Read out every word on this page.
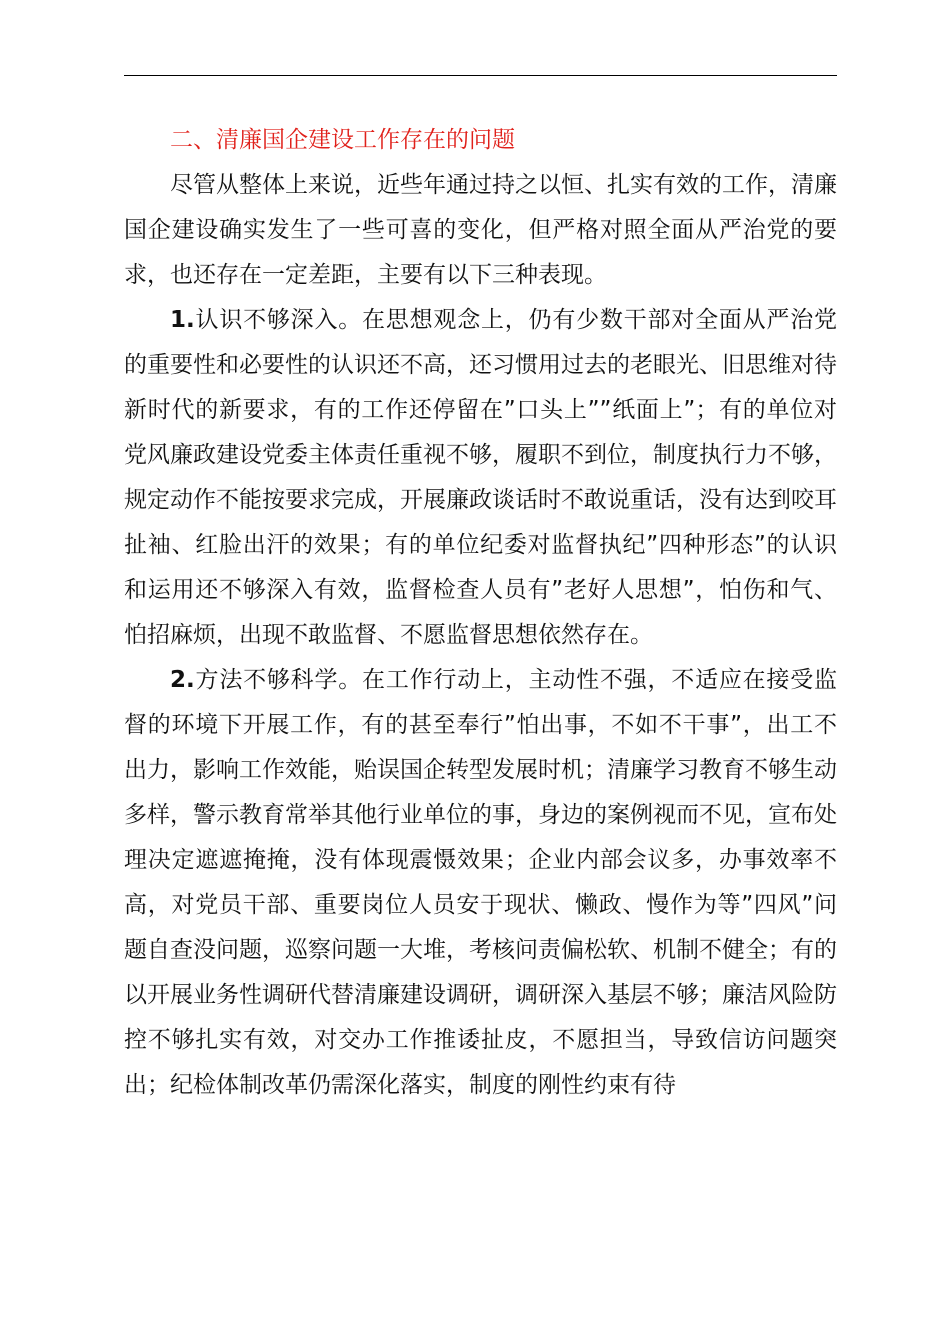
二、清廉国企建设工作存在的问题

尽管从整体上来说，近些年通过持之以恒、扎实有效的工作，清廉国企建设确实发生了一些可喜的变化，但严格对照全面从严治党的要求，也还存在一定差距，主要有以下三种表现。

1.认识不够深入。在思想观念上，仍有少数干部对全面从严治党的重要性和必要性的认识还不高，还习惯用过去的老眼光、旧思维对待新时代的新要求，有的工作还停留在”口头上””纸面上”；有的单位对党风廉政建设党委主体责任重视不够，履职不到位，制度执行力不够，规定动作不能按要求完成，开展廉政谈话时不敢说重话，没有达到咬耳扯袖、红脸出汗的效果；有的单位纪委对监督执纪”四种形态”的认识和运用还不够深入有效，监督检查人员有”老好人思想”，怕伤和气、怕招麻烦，出现不敢监督、不愿监督思想依然存在。

2.方法不够科学。在工作行动上，主动性不强，不适应在接受监督的环境下开展工作，有的甚至奉行”怕出事，不如不干事”，出工不出力，影响工作效能，贻误国企转型发展时机；清廉学习教育不够生动多样，警示教育常举其他行业单位的事，身边的案例视而不见，宣布处理决定遮遮掩掩，没有体现震慑效果；企业内部会议多，办事效率不高，对党员干部、重要岗位人员安于现状、懒政、慢作为等”四风”问题自查没问题，巡察问题一大堆，考核问责偏松软、机制不健全；有的以开展业务性调研代替清廉建设调研，调研深入基层不够；廉洁风险防控不够扎实有效，对交办工作推诿扯皮，不愿担当，导致信访问题突出；纪检体制改革仍需深化落实，制度的刚性约束有待
